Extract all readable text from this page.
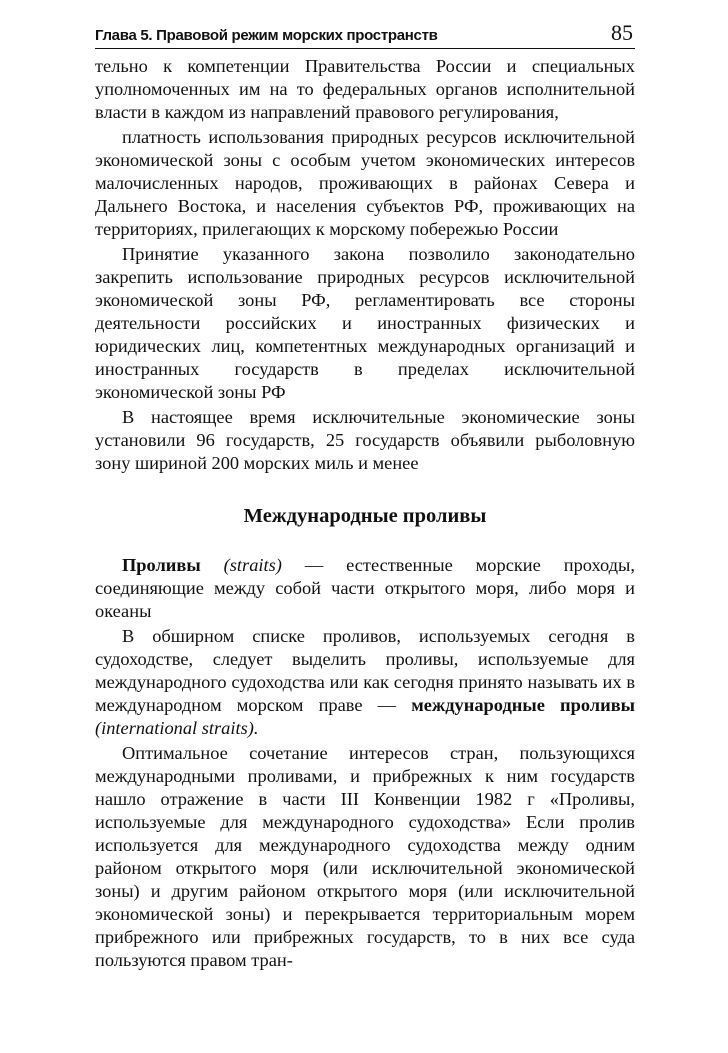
Глава 5. Правовой режим морских пространств	85

тельно к компетенции Правительства России и специальных уполномоченных им на то федеральных органов исполнительной власти в каждом из направлений правового регулирования,

платность использования природных ресурсов исключительной экономической зоны с особым учетом экономических интересов малочисленных народов, проживающих в районах Севера и Дальнего Востока, и населения субъектов РФ, проживающих на территориях, прилегающих к морскому побережью России

Принятие указанного закона позволило законодательно закрепить использование природных ресурсов исключительной экономической зоны РФ, регламентировать все стороны деятельности российских и иностранных физических и юридических лиц, компетентных международных организаций и иностранных государств в пределах исключительной экономической зоны РФ

В настоящее время исключительные экономические зоны установили 96 государств, 25 государств объявили рыболовную зону шириной 200 морских миль и менее

Международные проливы

Проливы (straits) — естественные морские проходы, соединяющие между собой части открытого моря, либо моря и океаны

В обширном списке проливов, используемых сегодня в судоходстве, следует выделить проливы, используемые для международного судоходства или как сегодня принято называть их в международном морском праве — международные проливы (international straits).

Оптимальное сочетание интересов стран, пользующихся международными проливами, и прибрежных к ним государств нашло отражение в части III Конвенции 1982 г «Проливы, используемые для международного судоходства» Если пролив используется для международного судоходства между одним районом открытого моря (или исключительной экономической зоны) и другим районом открытого моря (или исключительной экономической зоны) и перекрывается территориальным морем прибрежного или прибрежных государств, то в них все суда пользуются правом тран-
